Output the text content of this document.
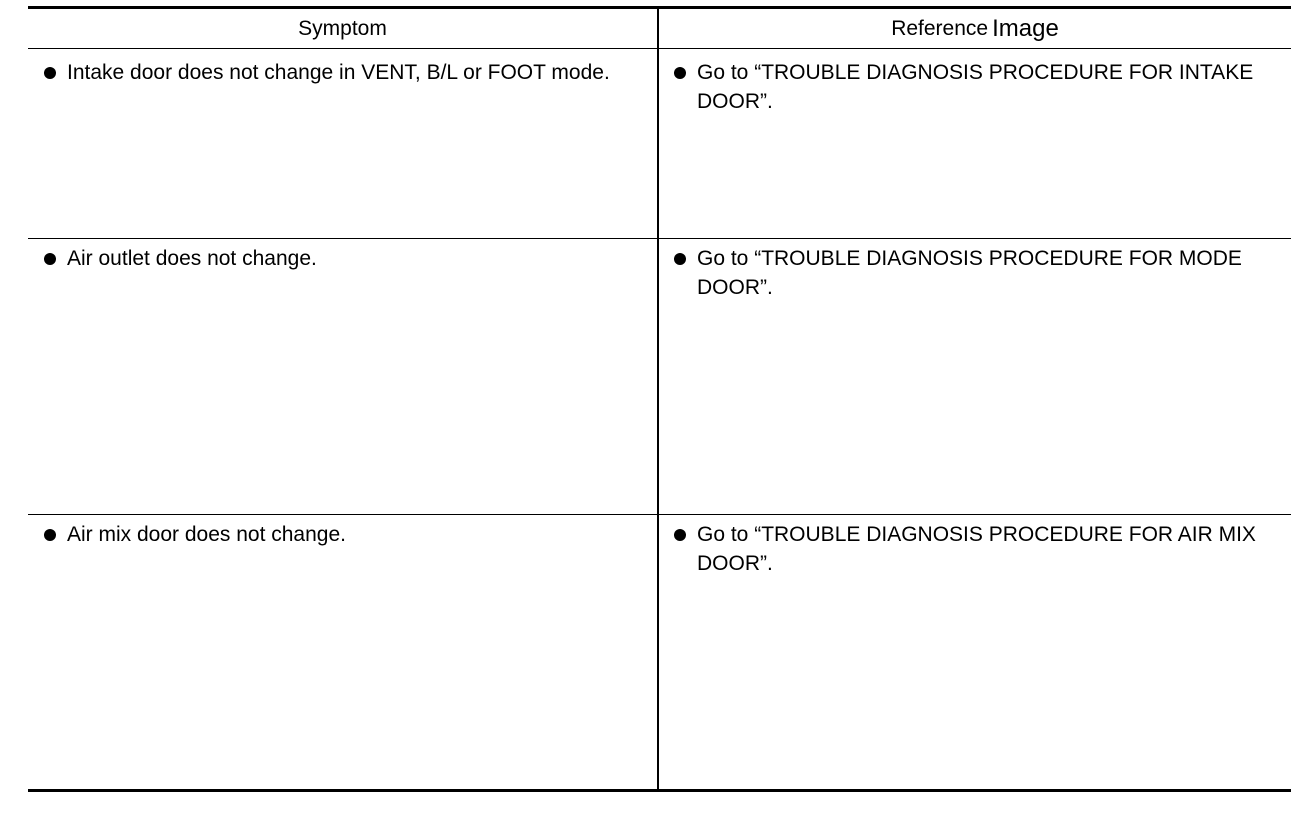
Symptom	Reference Image
Intake door does not change in VENT, B/L or FOOT mode.	Go to “TROUBLE DIAGNOSIS PROCEDURE FOR INTAKE DOOR”.
Air outlet does not change.	Go to “TROUBLE DIAGNOSIS PROCEDURE FOR MODE DOOR”.
Air mix door does not change.	Go to “TROUBLE DIAGNOSIS PROCEDURE FOR AIR MIX DOOR”.
